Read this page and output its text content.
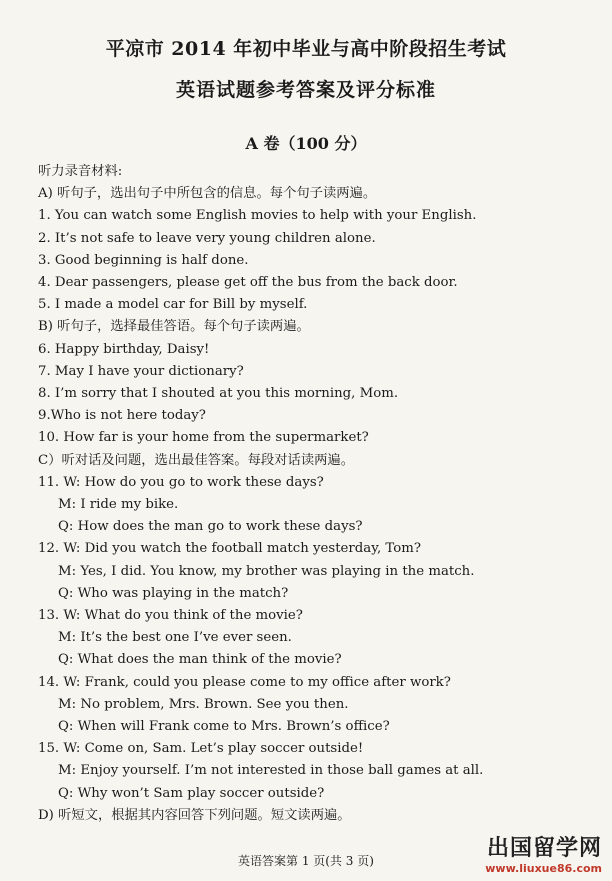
平凉市 2014 年初中毕业与高中阶段招生考试
英语试题参考答案及评分标准
A 卷（100 分）
听力录音材料:
A) 听句子，选出句子中所包含的信息。每个句子读两遍。
1. You can watch some English movies to help with your English.
2. It’s not safe to leave very young children alone.
3. Good beginning is half done.
4. Dear passengers, please get off the bus from the back door.
5. I made a model car for Bill by myself.
B) 听句子，选择最佳答语。每个句子读两遍。
6. Happy birthday, Daisy!
7. May I have your dictionary?
8. I’m sorry that I shouted at you this morning, Mom.
9.Who is not here today?
10. How far is your home from the supermarket?
C）听对话及问题，选出最佳答案。每段对话读两遍。
11. W: How do you go to work these days?
M: I ride my bike.
Q: How does the man go to work these days?
12. W: Did you watch the football match yesterday, Tom?
M: Yes, I did. You know, my brother was playing in the match.
Q: Who was playing in the match?
13. W: What do you think of the movie?
M: It’s the best one I’ve ever seen.
Q: What does the man think of the movie?
14. W: Frank, could you please come to my office after work?
M: No problem, Mrs. Brown. See you then.
Q: When will Frank come to Mrs. Brown’s office?
15. W: Come on, Sam. Let’s play soccer outside!
M: Enjoy yourself. I’m not interested in those ball games at all.
Q: Why won’t Sam play soccer outside?
D) 听短文，根据其内容回答下列问题。短文读两遍。
英语答案第 1 页(共 3 页)	出国留学网
www.liuxue86.com
